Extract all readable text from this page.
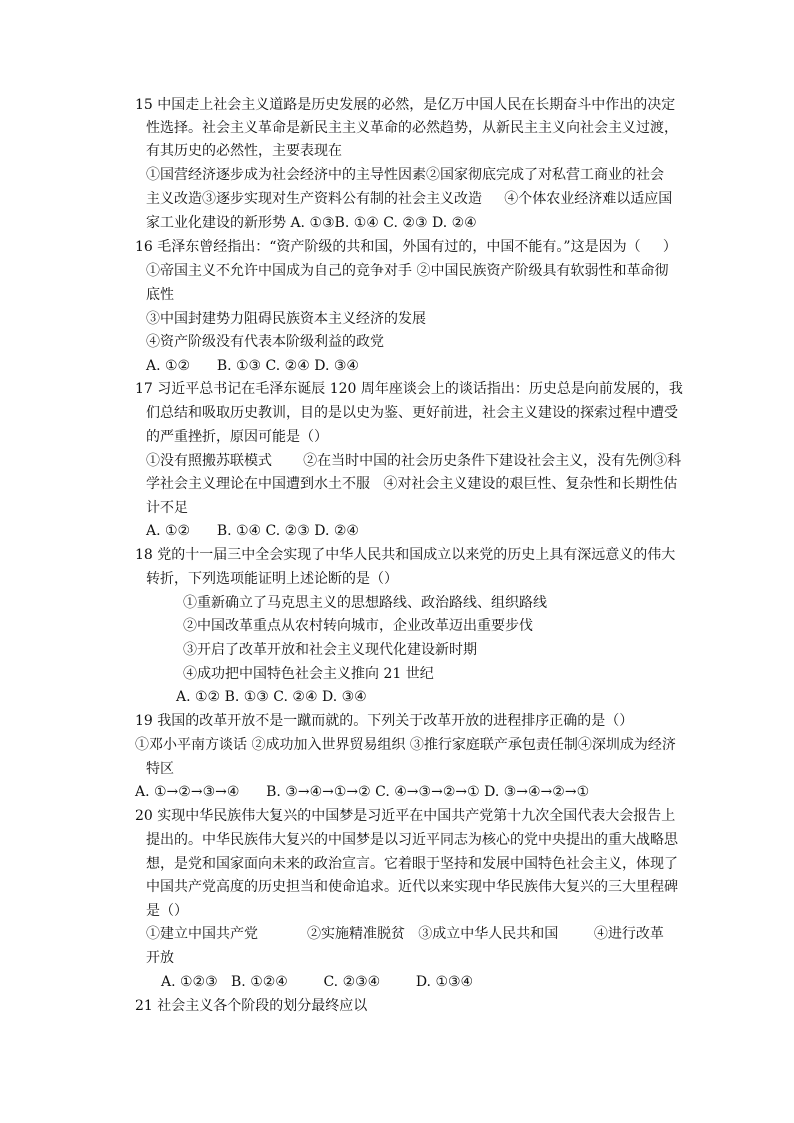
15 中国走上社会主义道路是历史发展的必然，是亿万中国人民在长期奋斗中作出的决定
性选择。社会主义革命是新民主主义革命的必然趋势，从新民主主义向社会主义过渡，
有其历史的必然性，主要表现在
①国营经济逐步成为社会经济中的主导性因素②国家彻底完成了对私营工商业的社会
主义改造③逐步实现对生产资料公有制的社会主义改造     ④个体农业经济难以适应国
家工业化建设的新形势 A. ①③B. ①④ C. ②③ D. ②④
16 毛泽东曾经指出：“资产阶级的共和国，外国有过的，中国不能有。”这是因为（     ）
①帝国主义不允许中国成为自己的竞争对手 ②中国民族资产阶级具有软弱性和革命彻
底性
③中国封建势力阻碍民族资本主义经济的发展
④资产阶级没有代表本阶级利益的政党
A. ①②      B. ①③ C. ②④ D. ③④
17 习近平总书记在毛泽东诞辰 120 周年座谈会上的谈话指出：历史总是向前发展的，我
们总结和吸取历史教训，目的是以史为鉴、更好前进，社会主义建设的探索过程中遭受
的严重挫折，原因可能是（）
①没有照搬苏联模式       ②在当时中国的社会历史条件下建设社会主义，没有先例③科
学社会主义理论在中国遭到水土不服   ④对社会主义建设的艰巨性、复杂性和长期性估
计不足
A. ①②      B. ①④ C. ②③ D. ②④
18 党的十一届三中全会实现了中华人民共和国成立以来党的历史上具有深远意义的伟大
转折，下列选项能证明上述论断的是（）
①重新确立了马克思主义的思想路线、政治路线、组织路线
②中国改革重点从农村转向城市，企业改革迈出重要步伐
③开启了改革开放和社会主义现代化建设新时期
④成功把中国特色社会主义推向 21 世纪
A. ①② B. ①③ C. ②④ D. ③④
19 我国的改革开放不是一蹴而就的。下列关于改革开放的进程排序正确的是（）
①邓小平南方谈话 ②成功加入世界贸易组织 ③推行家庭联产承包责任制④深圳成为经济
特区
A. ①→②→③→④      B. ③→④→①→② C. ④→③→②→① D. ③→④→②→①
20 实现中华民族伟大复兴的中国梦是习近平在中国共产党第十九次全国代表大会报告上
提出的。中华民族伟大复兴的中国梦是以习近平同志为核心的党中央提出的重大战略思
想，是党和国家面向未来的政治宣言。它着眼于坚持和发展中国特色社会主义，体现了
中国共产党高度的历史担当和使命追求。近代以来实现中华民族伟大复兴的三大里程碑
是（）
①建立中国共产党           ②实施精准脱贫   ③成立中华人民共和国        ④进行改革
开放
A. ①②③   B. ①②④        C. ②③④        D. ①③④
21 社会主义各个阶段的划分最终应以
